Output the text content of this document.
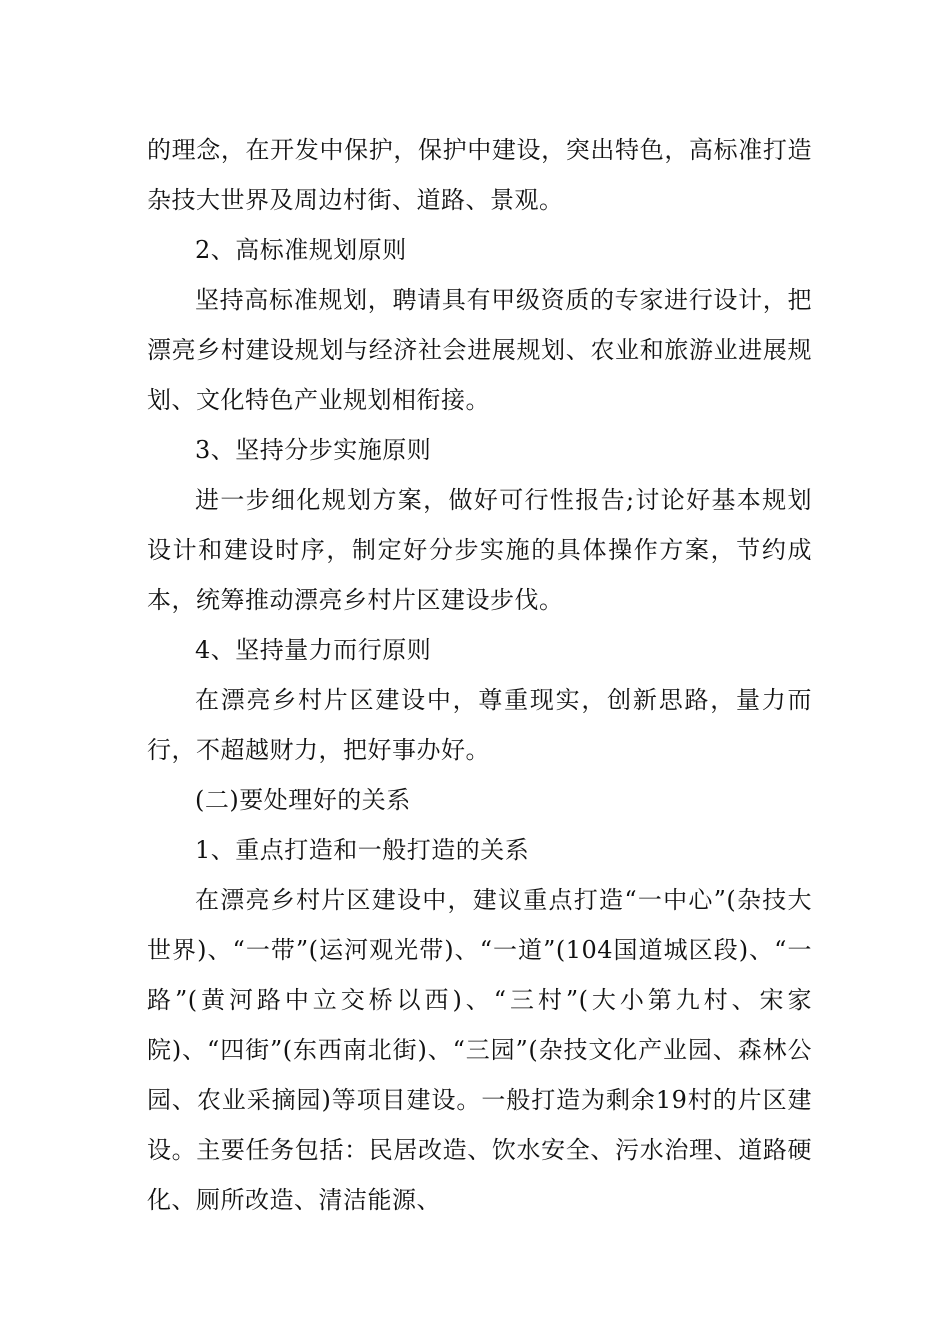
的理念，在开发中保护，保护中建设，突出特色，高标准打造杂技大世界及周边村街、道路、景观。

2、高标准规划原则

坚持高标准规划，聘请具有甲级资质的专家进行设计，把漂亮乡村建设规划与经济社会进展规划、农业和旅游业进展规划、文化特色产业规划相衔接。

3、坚持分步实施原则

进一步细化规划方案，做好可行性报告;讨论好基本规划设计和建设时序，制定好分步实施的具体操作方案，节约成本，统筹推动漂亮乡村片区建设步伐。

4、坚持量力而行原则

在漂亮乡村片区建设中，尊重现实，创新思路，量力而行，不超越财力，把好事办好。

(二)要处理好的关系

1、重点打造和一般打造的关系

在漂亮乡村片区建设中，建议重点打造“一中心”(杂技大世界)、“一带”(运河观光带)、“一道”(104国道城区段)、“一路”(黄河路中立交桥以西)、“三村”(大小第九村、宋家院)、“四街”(东西南北街)、“三园”(杂技文化产业园、森林公园、农业采摘园)等项目建设。一般打造为剩余19村的片区建设。主要任务包括：民居改造、饮水安全、污水治理、道路硬化、厕所改造、清洁能源、
